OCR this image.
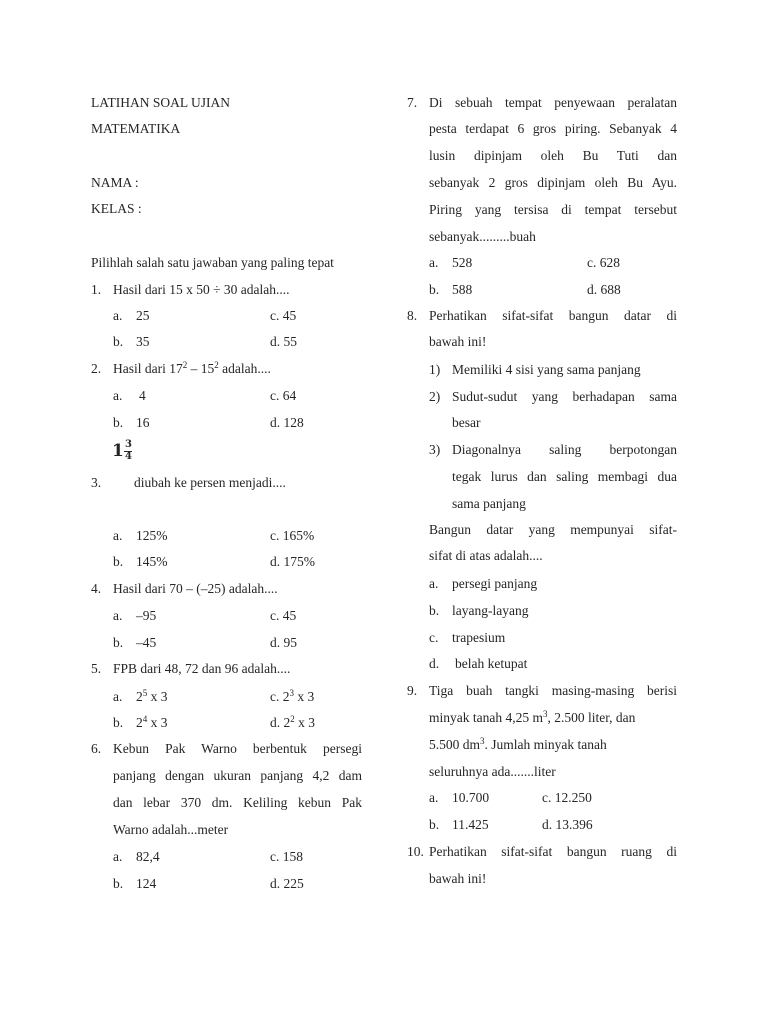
LATIHAN SOAL UJIAN
MATEMATIKA
NAMA :
KELAS :
Pilihlah salah satu jawaban yang paling tepat
1. Hasil dari 15 x 50 ÷ 30 adalah....
a. 25	c. 45
b. 35	d. 55
2. Hasil dari $17^2 - 15^2$ adalah....
a. 4	c. 64
b. 16	d. 128
1 3
4
3. diubah ke persen menjadi....
a. 125%	c. 165%
b. 145%	d. 175%
4. Hasil dari 70 – (–25) adalah....
a. –95	c. 45
b. –45	d. 95
5. FPB dari 48, 72 dan 96 adalah....
a. $2^5$ x 3	c. $2^3$ x 3
b. $2^4$ x 3	d. $2^2$ x 3
6. Kebun Pak Warno berbentuk persegi
panjang dengan ukuran panjang 4,2 dam
dan lebar 370 dm. Keliling kebun Pak
Warno adalah...meter
a. 82,4	c. 158
b. 124	d. 225
7. Di sebuah tempat penyewaan peralatan
pesta terdapat 6 gros piring. Sebanyak 4
lusin dipinjam oleh Bu Tuti dan
sebanyak 2 gros dipinjam oleh Bu Ayu.
Piring yang tersisa di tempat tersebut
sebanyak.........buah
a. 528	c. 628
b. 588	d. 688
8. Perhatikan sifat-sifat bangun datar di
bawah ini!
1) Memiliki 4 sisi yang sama panjang
2) Sudut-sudut yang berhadapan sama
besar
3) Diagonalnya saling berpotongan
tegak lurus dan saling membagi dua
sama panjang
Bangun datar yang mempunyai sifat-
sifat di atas adalah....
a. persegi panjang
b. layang-layang
c. trapesium
d. belah ketupat
9. Tiga buah tangki masing-masing berisi
minyak tanah 4,25 $m^3$, 2.500 liter, dan
5.500 $dm^3$. Jumlah minyak tanah
seluruhnya ada.......liter
a. 10.700	c. 12.250
b. 11.425	d. 13.396
10. Perhatikan sifat-sifat bangun ruang di
bawah ini!
